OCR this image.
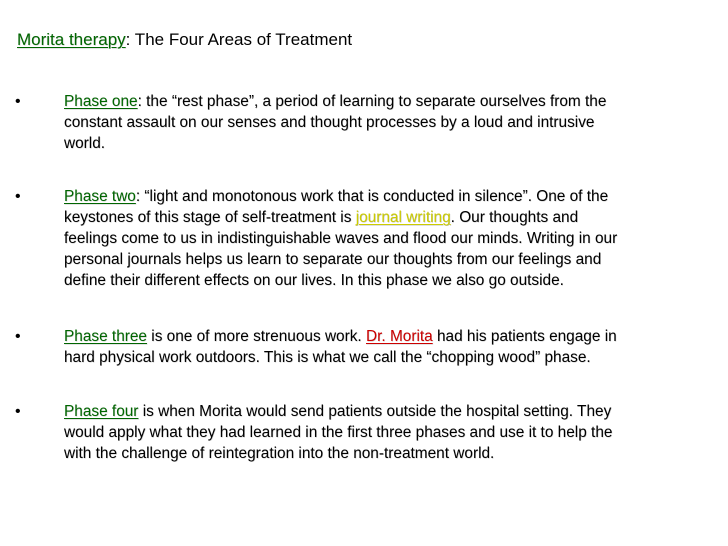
Morita therapy: The Four Areas of Treatment
•	Phase one: the “rest phase”, a period of learning to separate ourselves from the
constant assault on our senses and thought processes by a loud and intrusive
world.
•	Phase two: “light and monotonous work that is conducted in silence”. One of the
keystones of this stage of self-treatment is journal writing. Our thoughts and
feelings come to us in indistinguishable waves and flood our minds. Writing in our
personal journals helps us learn to separate our thoughts from our feelings and
define their different effects on our lives. In this phase we also go outside.
•	Phase three is one of more strenuous work. Dr. Morita had his patients engage in
hard physical work outdoors. This is what we call the “chopping wood” phase.
•	Phase four is when Morita would send patients outside the hospital setting. They
would apply what they had learned in the first three phases and use it to help the
with the challenge of reintegration into the non-treatment world.
